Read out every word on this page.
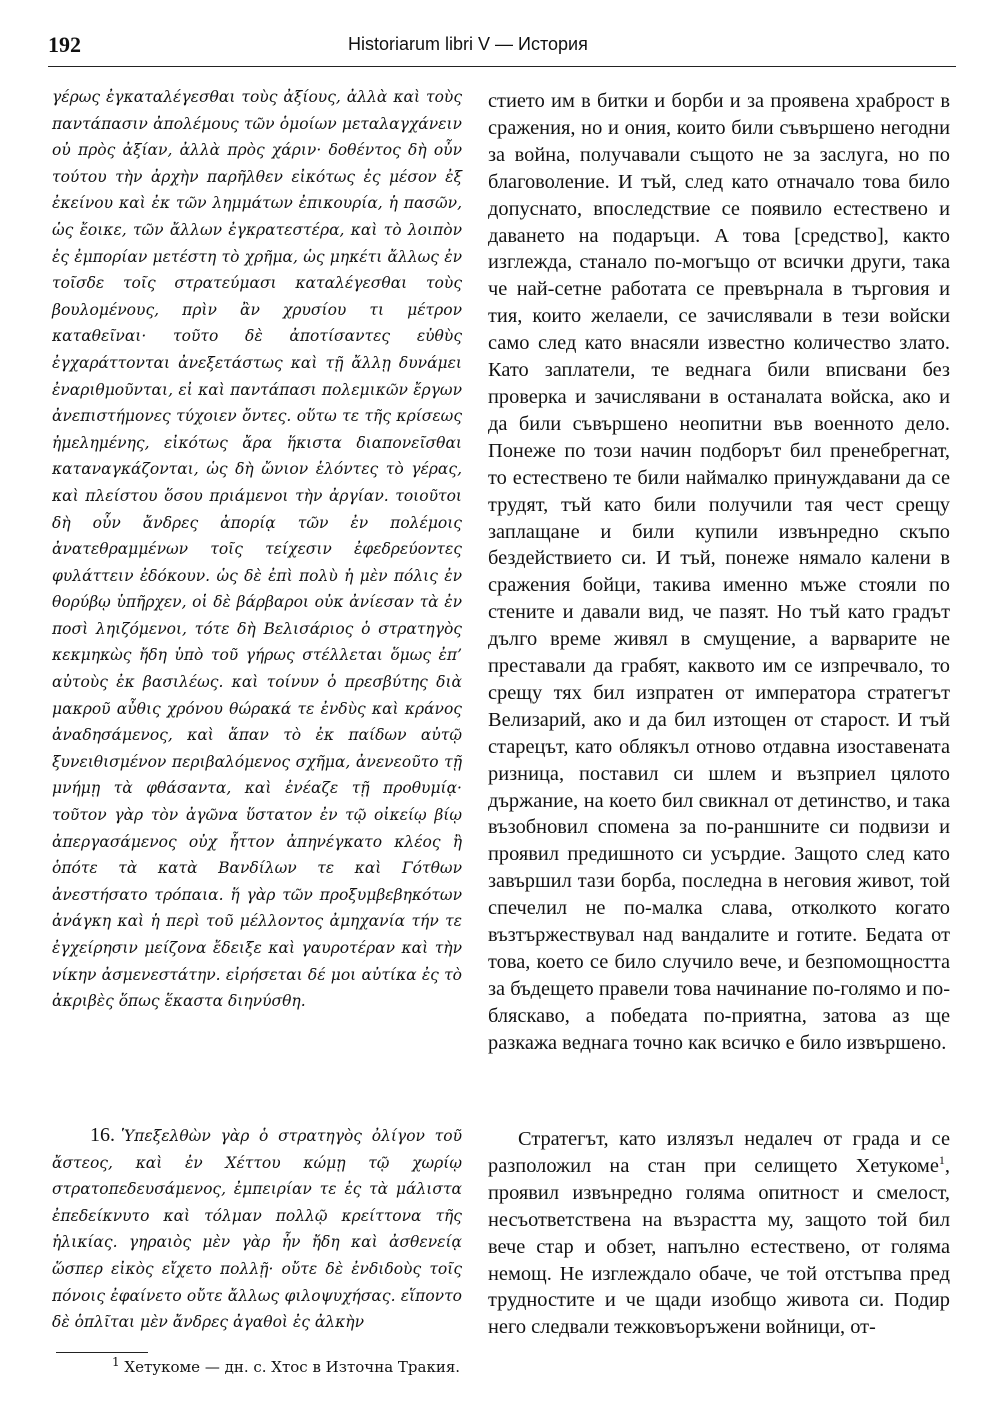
192	Historiarum libri V — История

γέρως ἐγκαταλέγεσθαι τοὺς ἀξίους, ἀλλὰ καὶ τοὺς παντάπασιν ἀπολέμους τῶν ὁμοίων μεταλαγχάνειν οὐ πρὸς ἀξίαν, ἀλλὰ πρὸς χάριν· δοθέντος δὴ οὖν τούτου τὴν ἀρχὴν παρῆλθεν εἰκότως ἐς μέσον ἐξ ἐκείνου καὶ ἐκ τῶν λημμάτων ἐπικουρία, ἡ πασῶν, ὡς ἔοικε, τῶν ἄλλων ἐγκρατεστέρα, καὶ τὸ λοιπὸν ἐς ἐμπορίαν μετέστη τὸ χρῆμα, ὡς μηκέτι ἄλλως ἐν τοῖσδε τοῖς στρατεύμασι καταλέγεσθαι τοὺς βουλομένους, πρὶν ἂν χρυσίου τι μέτρον καταθεῖναι· τοῦτο δὲ ἀποτίσαντες εὐθὺς ἐγχαράττονται ἀνεξετάστως καὶ τῇ ἄλλῃ δυνάμει ἐναριθμοῦνται, εἰ καὶ παντάπασι πολεμικῶν ἔργων ἀνεπιστήμονες τύχοιεν ὄντες. οὕτω τε τῆς κρίσεως ἠμελημένης, εἰκότως ἄρα ἥκιστα διαπονεῖσθαι καταναγκάζονται, ὡς δὴ ὤνιον ἑλόντες τὸ γέρας, καὶ πλείστου ὅσου πριάμενοι τὴν ἀργίαν. τοιοῦτοι δὴ οὖν ἄνδρες ἀπορίᾳ τῶν ἐν πολέμοις ἀνατεθραμμένων τοῖς τείχεσιν ἐφεδρεύοντες φυλάττειν ἐδόκουν. ὡς δὲ ἐπὶ πολὺ ἡ μὲν πόλις ἐν θορύβῳ ὑπῆρχεν, οἱ δὲ βάρβαροι οὐκ ἀνίεσαν τὰ ἐν ποσὶ ληιζόμενοι, τότε δὴ Βελισάριος ὁ στρατηγὸς κεκμηκὼς ἤδη ὑπὸ τοῦ γήρως στέλλεται ὅμως ἐπ’ αὐτοὺς ἐκ βασιλέως. καὶ τοίνυν ὁ πρεσβύτης διὰ μακροῦ αὖθις χρόνου θώρακά τε ἐνδὺς καὶ κράνος ἀναδησάμενος, καὶ ἅπαν τὸ ἐκ παίδων αὐτῷ ξυνειθισμένον περιβαλόμενος σχῆμα, ἀνενεοῦτο τῇ μνήμῃ τὰ φθάσαντα, καὶ ἐνέαζε τῇ προθυμίᾳ· τοῦτον γὰρ τὸν ἀγῶνα ὕστατον ἐν τῷ οἰκείῳ βίῳ ἀπεργασάμενος οὐχ ἧττον ἀπηνέγκατο κλέος ἢ ὁπότε τὰ κατὰ Βανδίλων τε καὶ Γότθων ἀνεστήσατο τρόπαια. ἥ γὰρ τῶν προξυμβεβηκότων ἀνάγκη καὶ ἡ περὶ τοῦ μέλλοντος ἀμηχανία τήν τε ἐγχείρησιν μείζονα ἔδειξε καὶ γαυροτέραν καὶ τὴν νίκην ἀσμενεστάτην. εἰρήσεται δέ μοι αὐτίκα ἐς τὸ ἀκριβὲς ὅπως ἕκαστα διηνύσθη.

16. Ὑπεξελθὼν γὰρ ὁ στρατηγὸς ὀλίγον τοῦ ἄστεος, καὶ ἐν Χέττου κώμῃ τῷ χωρίῳ στρατοπεδευσάμενος, ἐμπειρίαν τε ἐς τὰ μάλιστα ἐπεδείκνυτο καὶ τόλμαν πολλῷ κρείττονα τῆς ἡλικίας. γηραιὸς μὲν γὰρ ἦν ἤδη καὶ ἀσθενείᾳ ὥσπερ εἰκὸς εἴχετο πολλῇ· οὔτε δὲ ἐνδιδοὺς τοῖς πόνοις ἐφαίνετο οὔτε ἄλλως φιλοψυχήσας. εἵποντο δὲ ὁπλῖται μὲν ἄνδρες ἀγαθοὶ ἐς ἀλκὴν

стието им в битки и борби и за проявена храброст в сражения, но и ония, които били съвършено негодни за война, получавали същото не за заслуга, но по благоволение. И тъй, след като отначало това било допуснато, впоследствие се появило естествено и даването на подаръци. А това [средство], както изглежда, станало по-могъщо от всички други, така че най-сетне работата се превърнала в търговия и тия, които желаели, се зачислявали в тези войски само след като внасяли известно количество злато. Като заплатели, те веднага били вписвани без проверка и зачислявани в останалата войска, ако и да били съвършено неопитни във военното дело. Понеже по този начин подборът бил пренебрегнат, то естествено те били наймалко принуждавани да се трудят, тъй като били получили тая чест срещу заплащане и били купили извънредно скъпо бездействието си. И тъй, понеже нямало калени в сражения бойци, такива именно мъже стояли по стените и давали вид, че пазят. Но тъй като градът дълго време живял в смущение, а варварите не преставали да грабят, каквото им се изпречвало, то срещу тях бил изпратен от императора стратегът Велизарий, ако и да бил изтощен от старост. И тъй старецът, като облякъл отново отдавна изоставената ризница, поставил си шлем и възприел цялото държание, на което бил свикнал от детинство, и така възобновил спомена за по-раншните си подвизи и проявил предишното си усърдие. Защото след като завършил тази борба, последна в неговия живот, той спечелил не по-малка слава, отколкото когато възтържествувал над вандалите и готите. Бедата от това, което се било случило вече, и безпомощността за бъдещето правели това начинание по-голямо и по-бляскаво, а победата по-приятна, затова аз ще разкажа веднага точно как всичко е било извършено.

Стратегът, като излязъл недалеч от града и се разположил на стан при селището Хетукоме$^1$, проявил извънредно голяма опитност и смелост, несъответствена на възрастта му, защото той бил вече стар и обзет, напълно естествено, от голяма немощ. Не изглеждало обаче, че той отстъпва пред трудностите и че щади изобщо живота си. Подир него следвали тежковъоръжени войници, от-

$^1$ Хетукоме — дн. с. Хтос в Източна Тракия.
